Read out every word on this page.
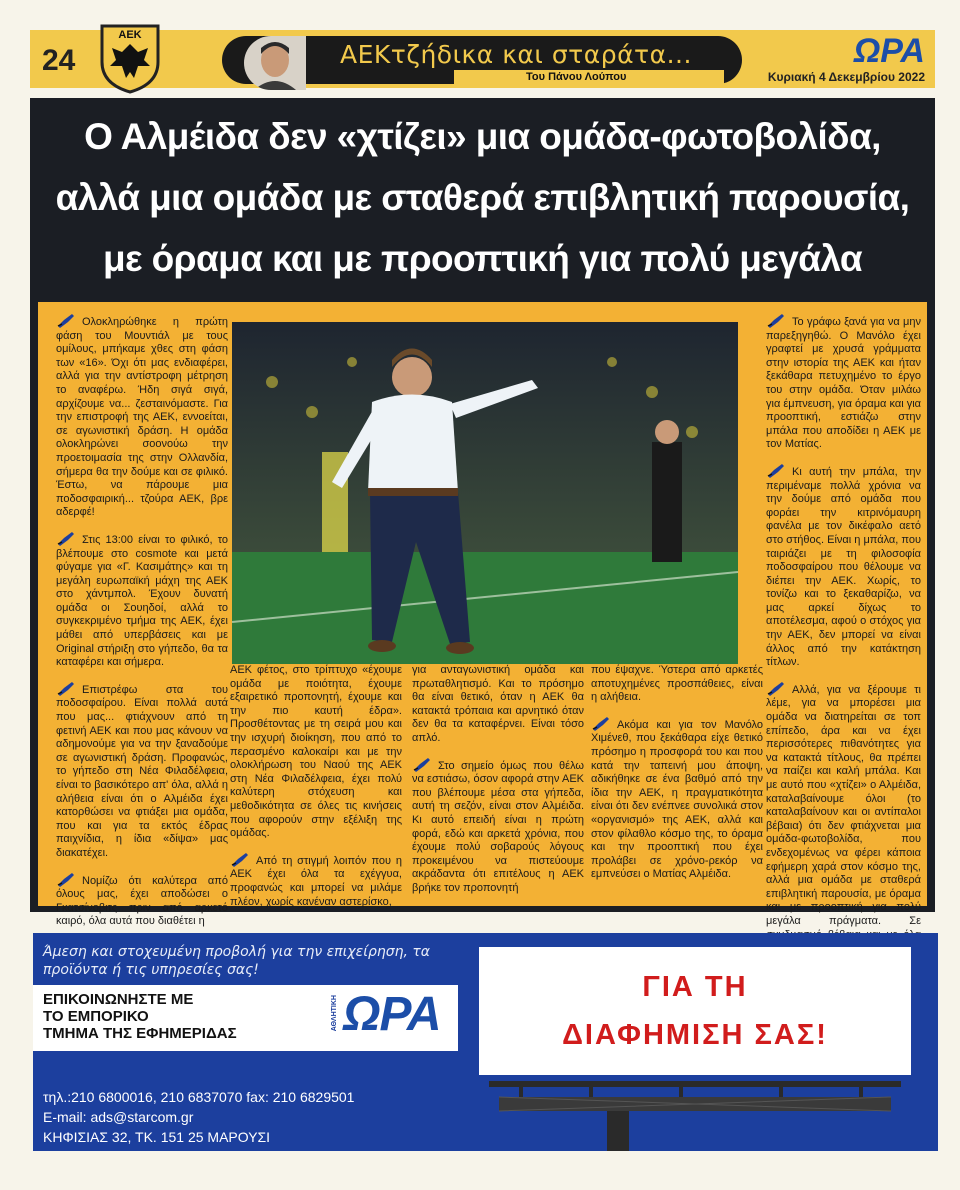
24
ΑΕΚ
AEKτζήδικα και σταράτα...
Του Πάνου Λούπου
ΩΡΑ
Κυριακή 4 Δεκεμβρίου 2022
Ο Αλμέιδα δεν «χτίζει» μια ομάδα-φωτοβολίδα,
αλλά μια ομάδα με σταθερά επιβλητική παρουσία,
με όραμα και με προοπτική για πολύ μεγάλα

Ολοκληρώθηκε η πρώτη φάση του Μουντιάλ με τους ομίλους, μπήκαμε χθες στη φάση των «16». Όχι ότι μας ενδιαφέρει, αλλά για την αντίστροφη μέτρηση το αναφέρω. Ήδη σιγά σιγά, αρχίζουμε να... ζεσταινόμαστε. Για την επιστροφή της ΑΕΚ, εννοείται, σε αγωνιστική δράση. Η ομάδα ολοκληρώνει σοονούω την προετοιμασία της στην Ολλανδία, σήμερα θα την δούμε και σε φιλικό. Έστω, να πάρουμε μια ποδοσφαιρική... τζούρα ΑΕΚ, βρε αδερφέ!

Στις 13:00 είναι το φιλικό, το βλέπουμε στο cosmote και μετά φύγαμε για «Γ. Κασιμάτης» και τη μεγάλη ευρωπαϊκή μάχη της ΑΕΚ στο χάντμπολ. Έχουν δυνατή ομάδα οι Σουηδοί, αλλά το συγκεκριμένο τμήμα της ΑΕΚ, έχει μάθει από υπερβάσεις και με Original στήριξη στο γήπεδο, θα τα καταφέρει και σήμερα.

Επιστρέφω στα του ποδοσφαίρου. Είναι πολλά αυτά που μας... φτιάχνουν από τη φετινή ΑΕΚ και που μας κάνουν να αδημονούμε για να την ξαναδούμε σε αγωνιστική δράση. Προφανώς, το γήπεδο στη Νέα Φιλαδέλφεια, είναι το βασικότερο απ' όλα, αλλά η αλήθεια είναι ότι ο Αλμέιδα έχει κατορθώσει να φτιάξει μια ομάδα, που και για τα εκτός έδρας παιχνίδια, η ίδια «δίψα» μας διακατέχει.

Νομίζω ότι καλύτερα από όλους μας, έχει αποδώσει ο Γκατσίνοβιτς πριν από αρκετό καιρό, όλα αυτά που διαθέτει η

ΑΕΚ φέτος, στο τρίπτυχο «έχουμε ομάδα με ποιότητα, έχουμε εξαιρετικό προπονητή, έχουμε και την πιο καυτή έδρα». Προσθέτοντας με τη σειρά μου και την ισχυρή διοίκηση, που από το περασμένο καλοκαίρι και με την ολοκλήρωση του Ναού της ΑΕΚ στη Νέα Φιλαδέλφεια, έχει πολύ καλύτερη στόχευση και μεθοδικότητα σε όλες τις κινήσεις που αφορούν στην εξέλιξη της ομάδας.

Από τη στιγμή λοιπόν που η ΑΕΚ έχει όλα τα εχέγγυα, προφανώς και μπορεί να μιλάμε πλέον, χωρίς κανέναν αστερίσκο,

για ανταγωνιστική ομάδα και πρωταθλητισμό. Και το πρόσημο θα είναι θετικό, όταν η ΑΕΚ θα κατακτά τρόπαια και αρνητικό όταν δεν θα τα καταφέρνει. Είναι τόσο απλό.

Στο σημείο όμως που θέλω να εστιάσω, όσον αφορά στην ΑΕΚ που βλέπουμε μέσα στα γήπεδα, αυτή τη σεζόν, είναι στον Αλμέιδα. Κι αυτό επειδή είναι η πρώτη φορά, εδώ και αρκετά χρόνια, που έχουμε πολύ σοβαρούς λόγους προκειμένου να πιστεύουμε ακράδαντα ότι επιτέλους η ΑΕΚ βρήκε τον προπονητή

που έψαχνε. Ύστερα από αρκετές αποτυχημένες προσπάθειες, είναι η αλήθεια.

Ακόμα και για τον Μανόλο Χιμένεθ, που ξεκάθαρα είχε θετικό πρόσημο η προσφορά του και που κατά την ταπεινή μου άποψη, αδικήθηκε σε ένα βαθμό από την ίδια την ΑΕΚ, η πραγματικότητα είναι ότι δεν ενέπνεε συνολικά στον «οργανισμό» της ΑΕΚ, αλλά και στον φίλαθλο κόσμο της, το όραμα και την προοπτική που έχει προλάβει σε χρόνο-ρεκόρ να εμπνεύσει ο Ματίας Αλμέιδα.

Το γράφω ξανά για να μην παρεξηγηθώ. Ο Μανόλο έχει γραφτεί με χρυσά γράμματα στην ιστορία της ΑΕΚ και ήταν ξεκάθαρα πετυχημένο το έργο του στην ομάδα. Όταν μιλάω για έμπνευση, για όραμα και για προοπτική, εστιάζω στην μπάλα που αποδίδει η ΑΕΚ με τον Ματίας.

Κι αυτή την μπάλα, την περιμέναμε πολλά χρόνια να την δούμε από ομάδα που φοράει την κιτρινόμαυρη φανέλα με τον δικέφαλο αετό στο στήθος. Είναι η μπάλα, που ταιριάζει με τη φιλοσοφία ποδοσφαίρου που θέλουμε να διέπει την ΑΕΚ. Χωρίς, το τονίζω και το ξεκαθαρίζω, να μας αρκεί δίχως το αποτέλεσμα, αφού ο στόχος για την ΑΕΚ, δεν μπορεί να είναι άλλος από την κατάκτηση τίτλων.

Αλλά, για να ξέρουμε τι λέμε, για να μπορέσει μια ομάδα να διατηρείται σε τοπ επίπεδο, άρα και να έχει περισσότερες πιθανότητες για να κατακτά τίτλους, θα πρέπει να παίζει και καλή μπάλα. Και με αυτό που «χτίζει» ο Αλμέιδα, καταλαβαίνουμε όλοι (το καταλαβαίνουν και οι αντίπαλοι βέβαια) ότι δεν φτιάχνεται μια ομάδα-φωτοβολίδα, που ενδεχομένως να φέρει κάποια εφήμερη χαρά στον κόσμο της, αλλά μια ομάδα με σταθερά επιβλητική παρουσία, με όραμα και με προοπτική για πολύ μεγάλα πράγματα. Σε

Άμεση και στοχευμένη προβολή για την επιχείρηση, τα προϊόντα ή τις υπηρεσίες σας!
ΕΠΙΚΟΙΝΩΝΗΣΤΕ ΜΕ
ΤΟ ΕΜΠΟΡΙΚΟ
ΤΜΗΜΑ ΤΗΣ ΕΦΗΜΕΡΙΔΑΣ
ΑΘΛΗΤΙΚΗ ΩΡΑ
τηλ.:210 6800016, 210 6837070 fax: 210 6829501
E-mail: ads@starcom.gr
ΚΗΦΙΣΙΑΣ 32, ΤΚ. 151 25 ΜΑΡΟΥΣΙ
ΓΙΑ ΤΗ
ΔΙΑΦΗΜΙΣΗ ΣΑΣ!
